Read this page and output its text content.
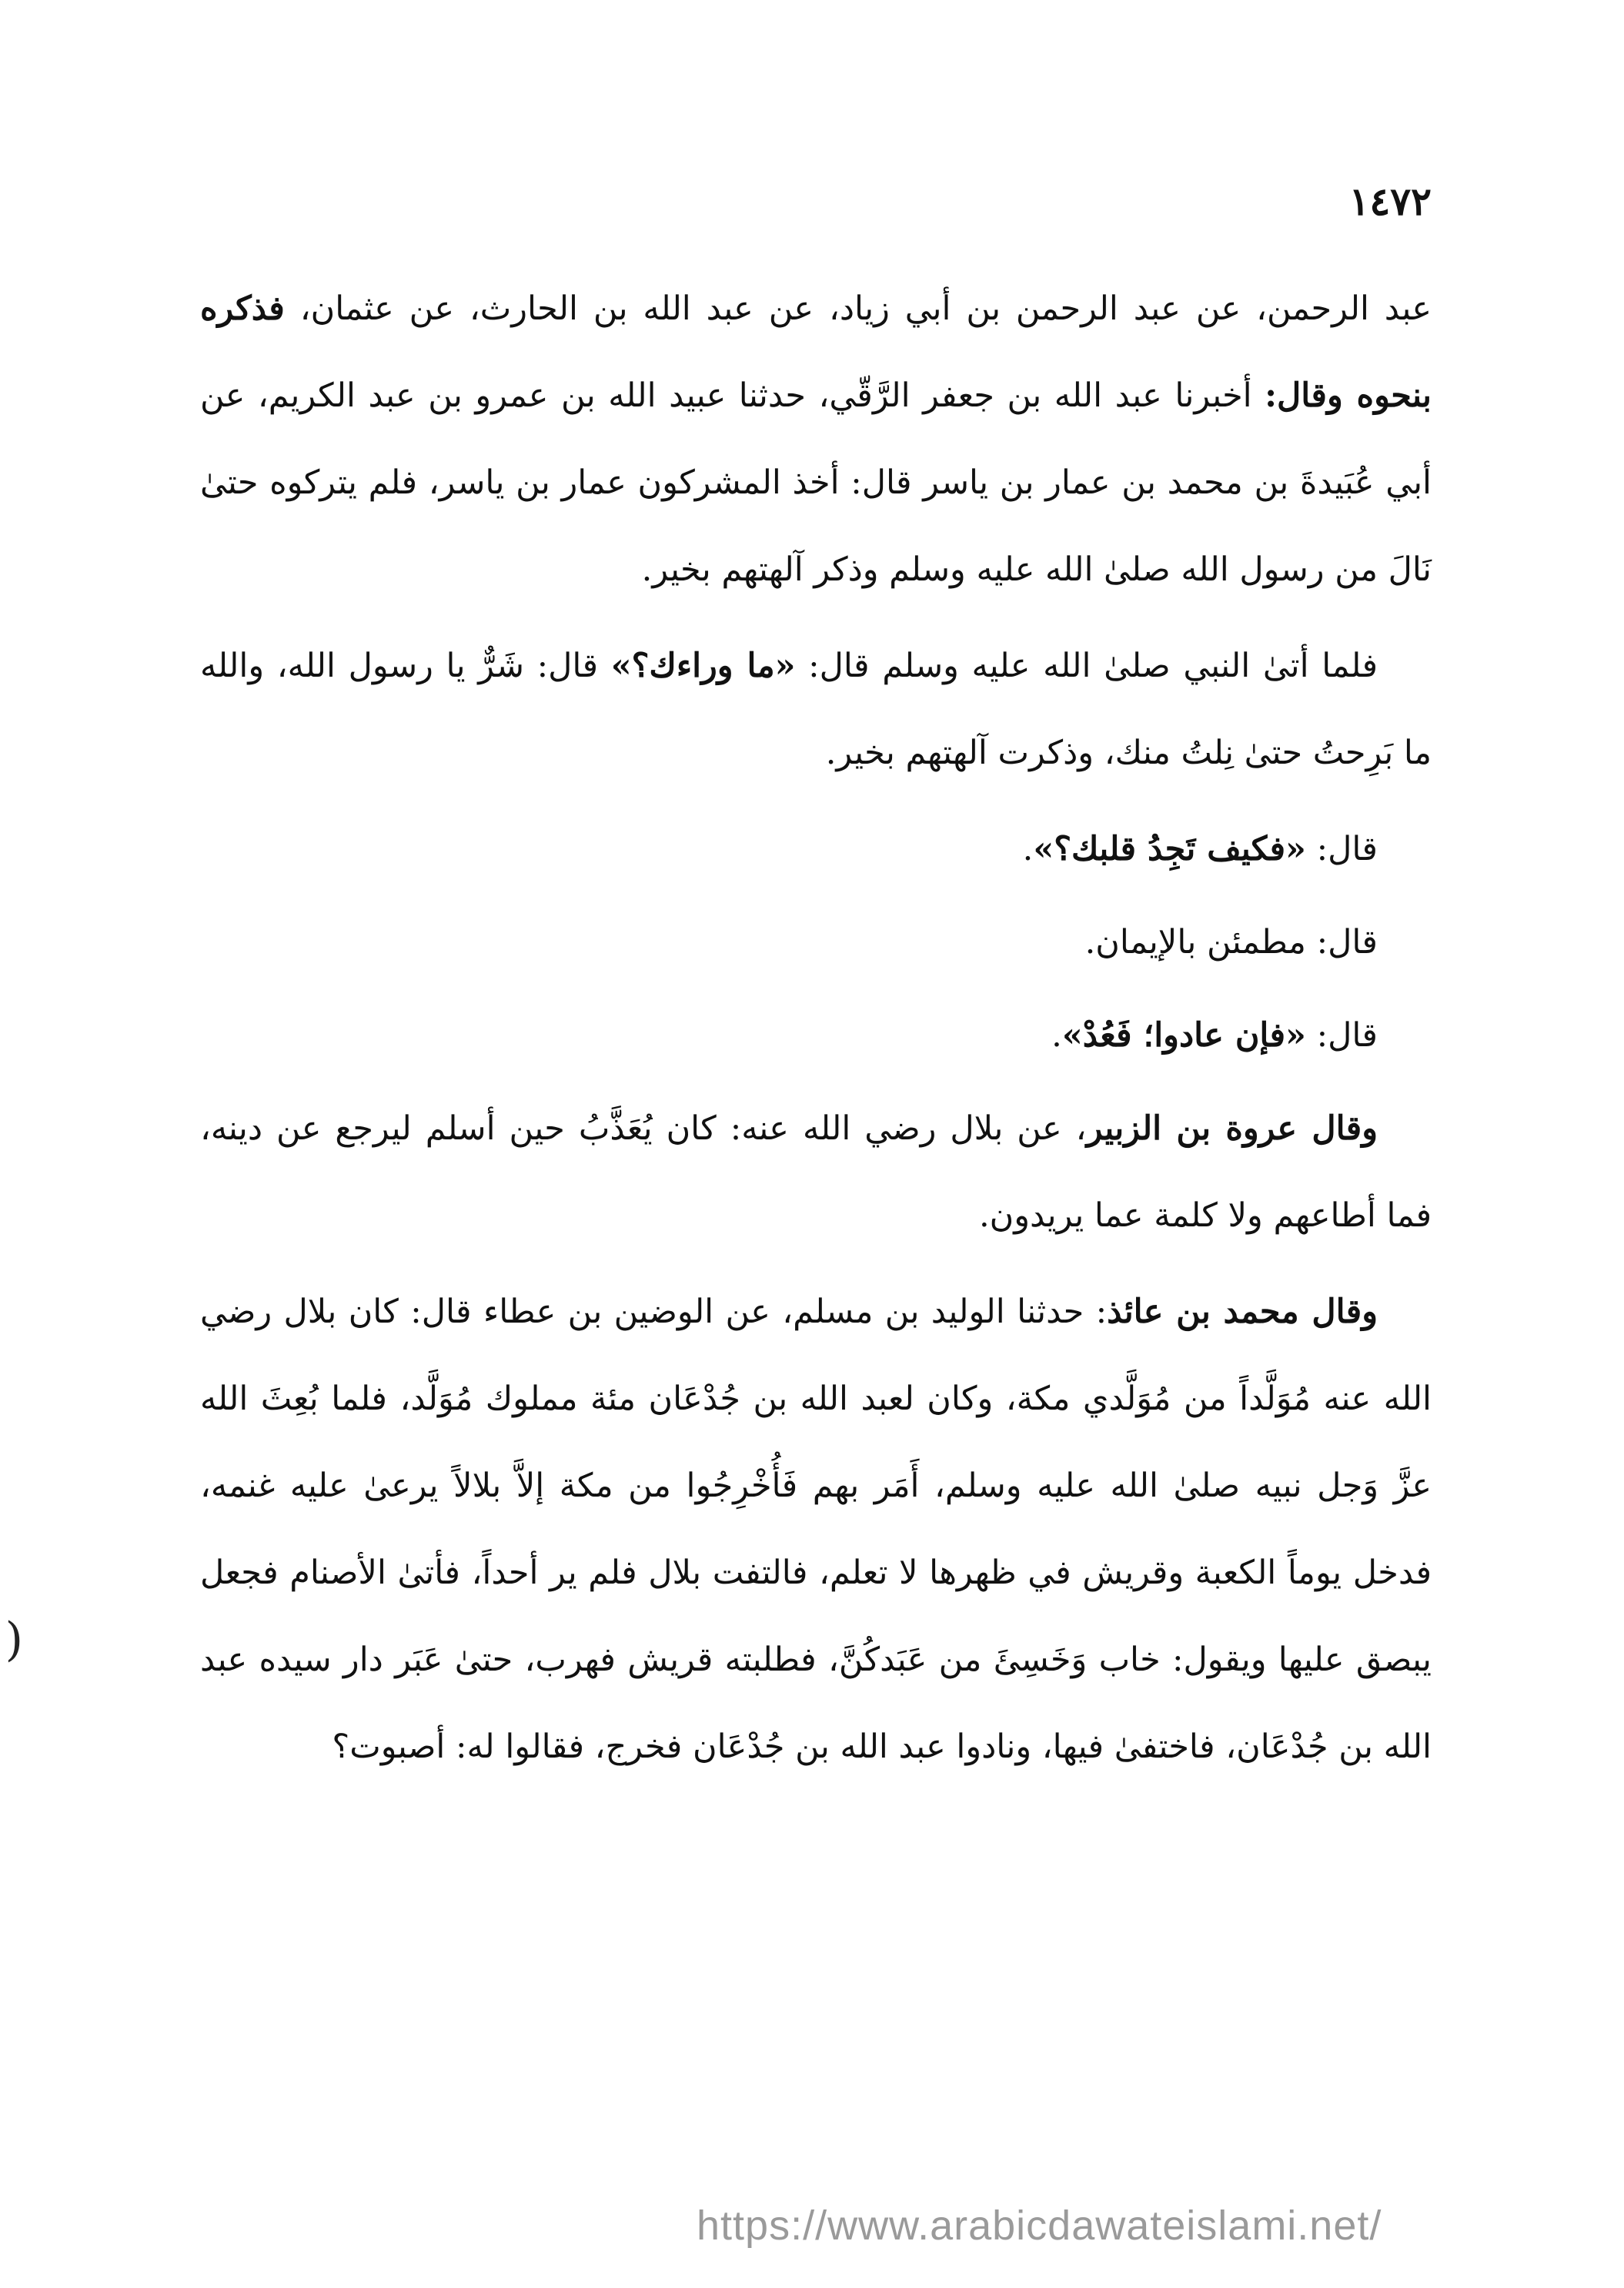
١٤٧٢

عبد الرحمن، عن عبد الرحمن بن أبي زياد، عن عبد الله بن الحارث، عن عثمان، فذكره بنحوه وقال: أخبرنا عبد الله بن جعفر الرَّقّي، حدثنا عبيد الله بن عمرو بن عبد الكريم، عن أبي عُبَيدةَ بن محمد بن عمار بن ياسر قال: أخذ المشركون عمار بن ياسر، فلم يتركوه حتىٰ نَالَ من رسول الله صلىٰ الله عليه وسلم وذكر آلهتهم بخير.

فلما أتىٰ النبي صلىٰ الله عليه وسلم قال: «ما وراءك؟» قال: شَرٌّ يا رسول الله، والله ما بَرِحتُ حتىٰ نِلتُ منك، وذكرت آلهتهم بخير.

قال: «فكيف تَجِدُ قلبك؟».

قال: مطمئن بالإيمان.

قال: «فإن عادوا؛ فَعُدْ».

وقال عروة بن الزبير، عن بلال رضي الله عنه: كان يُعَذَّبُ حين أسلم ليرجع عن دينه، فما أطاعهم ولا كلمة عما يريدون.

وقال محمد بن عائذ: حدثنا الوليد بن مسلم، عن الوضين بن عطاء قال: كان بلال رضي الله عنه مُوَلَّداً من مُوَلَّدي مكة، وكان لعبد الله بن جُدْعَان مئة مملوك مُوَلَّد، فلما بُعِثَ الله عزَّ وَجل نبيه صلىٰ الله عليه وسلم، أَمَر بهم فَأُخْرِجُوا من مكة إلاَّ بلالاً يرعىٰ عليه غنمه، فدخل يوماً الكعبة وقريش في ظهرها لا تعلم، فالتفت بلال فلم ير أحداً، فأتىٰ الأصنام فجعل يبصق عليها ويقول: خاب وَخَسِئَ من عَبَدكُنَّ، فطلبته قريش فهرب، حتىٰ عَبَر دار سيده عبد الله بن جُدْعَان، فاختفىٰ فيها، ونادوا عبد الله بن جُدْعَان فخرج، فقالوا له: أصبوت؟

(
https://www.arabicdawateislami.net/
